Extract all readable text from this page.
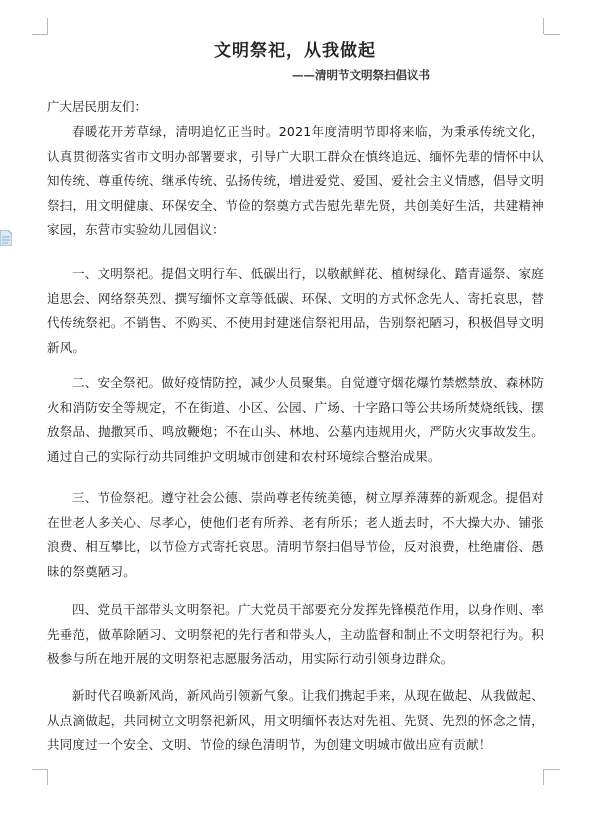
文明祭祀，从我做起
——清明节文明祭扫倡议书
广大居民朋友们：

春暖花开芳草绿，清明追忆正当时。2021年度清明节即将来临，为秉承传统文化，认真贯彻落实省市文明办部署要求，引导广大职工群众在慎终追远、缅怀先辈的情怀中认知传统、尊重传统、继承传统、弘扬传统，增进爱党、爱国、爱社会主义情感，倡导文明祭扫，用文明健康、环保安全、节俭的祭奠方式告慰先辈先贤，共创美好生活，共建精神家园，东营市实验幼儿园倡议：

一、文明祭祀。提倡文明行车、低碳出行，以敬献鲜花、植树绿化、踏青遥祭、家庭追思会、网络祭英烈、撰写缅怀文章等低碳、环保、文明的方式怀念先人、寄托哀思，替代传统祭祀。不销售、不购买、不使用封建迷信祭祀用品，告别祭祀陋习，积极倡导文明新风。

二、安全祭祀。做好疫情防控，减少人员聚集。自觉遵守烟花爆竹禁燃禁放、森林防火和消防安全等规定，不在街道、小区、公园、广场、十字路口等公共场所焚烧纸钱、摆放祭品、抛撒冥币、鸣放鞭炮；不在山头、林地、公墓内违规用火，严防火灾事故发生。通过自己的实际行动共同维护文明城市创建和农村环境综合整治成果。

三、节俭祭祀。遵守社会公德、崇尚尊老传统美德，树立厚养薄葬的新观念。提倡对在世老人多关心、尽孝心，使他们老有所养、老有所乐；老人逝去时，不大操大办、铺张浪费、相互攀比，以节俭方式寄托哀思。清明节祭扫倡导节俭，反对浪费，杜绝庸俗、愚昧的祭奠陋习。

四、党员干部带头文明祭祀。广大党员干部要充分发挥先锋模范作用，以身作则、率先垂范，做革除陋习、文明祭祀的先行者和带头人，主动监督和制止不文明祭祀行为。积极参与所在地开展的文明祭祀志愿服务活动，用实际行动引领身边群众。

新时代召唤新风尚，新风尚引领新气象。让我们携起手来，从现在做起、从我做起、从点滴做起，共同树立文明祭祀新风，用文明缅怀表达对先祖、先贤、先烈的怀念之情，共同度过一个安全、文明、节俭的绿色清明节，为创建文明城市做出应有贡献！
